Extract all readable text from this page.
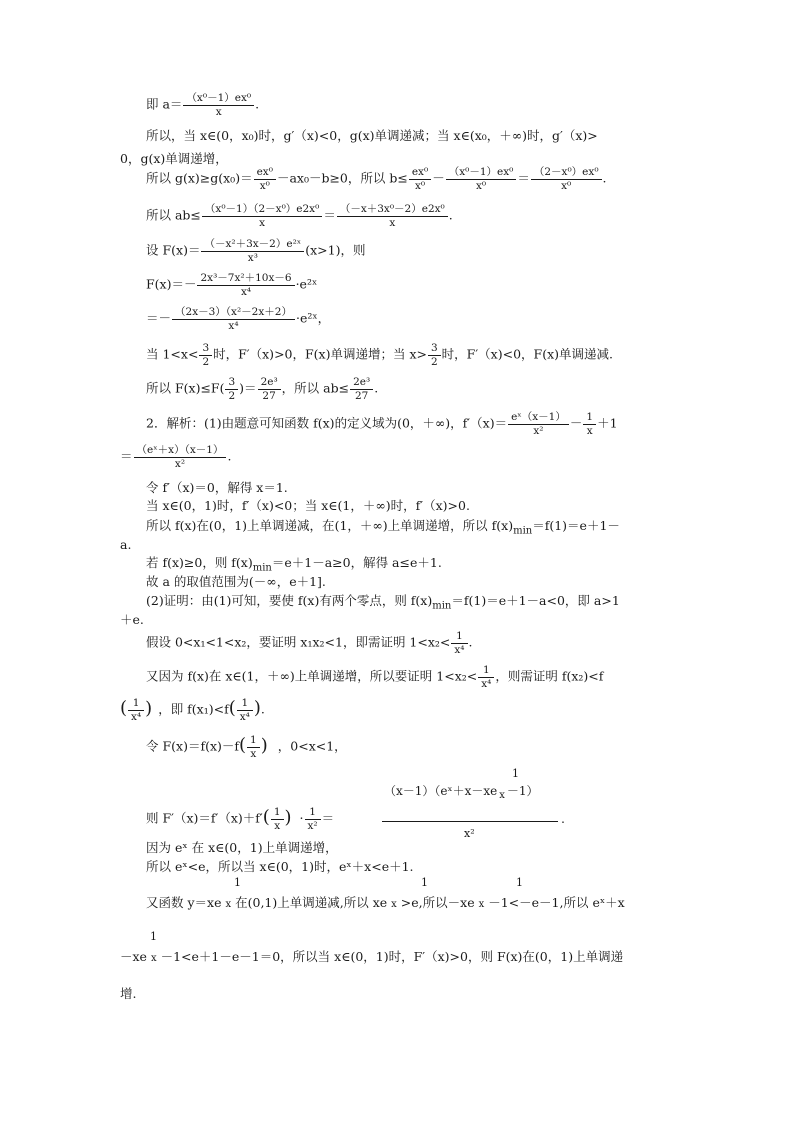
即 $a= \frac{\text{（x⁰－1）ex⁰}}{x}$ .
所以，当 x∈(0，x₀)时，g′（x)<0，g(x)单调递减；当 x∈(x₀，＋∞)时，g′（x)>
0，g(x)单调递增，
所以 $g(x)\ge g(x_0)= \frac{\text{ex⁰}}{\text{x⁰}} -ax_0-b\ge 0$，所以 $b\le \frac{\text{ex⁰}}{\text{x⁰}} - \frac{\text{（x⁰－1）ex⁰}}{\text{x⁰}} = \frac{\text{（2－x⁰）ex⁰}}{\text{x⁰}}$ .
所以 $ab\le \frac{\text{（x⁰－1）（2－x⁰）e2x⁰}}{x} = \frac{\text{（－x＋3x⁰－2）e2x⁰}}{x}$ .
设 $F(x)= \frac{\text{（－x²＋3x－2）e²ˣ}}{\text{x³}} (x>1)$，则
$F(x)=- \frac{\text{2x³－7x²＋10x－6}}{\text{x⁴}}$ ·e²ˣ
＝－ $\frac{\text{（2x－3）（x²－2x＋2）}}{\text{x⁴}}$ ·e²ˣ，
当 $1<x< \frac{3}{2}$ 时，F′（x)>0，F(x)单调递增；当 $x> \frac{3}{2}$ 时，F′（x)<0，F(x)单调递减.
所以 $F(x)\le F( \frac{3}{2}$ )＝ $\frac{\text{2e³}}{27}$ ，所以 $ab\le \frac{\text{2e³}}{27}$ .
2．解析：(1)由题意可知函数 f(x)的定义域为(0，＋∞)，$f'(x)= \frac{\text{eˣ（x－1）}}{\text{x²}} - \frac{1}{x} +1$
＝ $\frac{\text{（eˣ＋x）（x－1）}}{\text{x²}}$ .
令 f′（x)＝0，解得 x＝1.
当 x∈(0，1)时，f′（x)<0；当 x∈(1，＋∞)时，f′（x)>0.
所以 f(x)在(0，1)上单调递减，在(1，＋∞)上单调递增，所以 $f(x)_{min}=f(1)=e+1-$
a.
若 f(x)≥0，则 $f(x)_{min}=e+1-a\ge 0$，解得 a≤e＋1.
故 a 的取值范围为(－∞，e＋1].
(2)证明：由(1)可知，要使 f(x)有两个零点，则 $f(x)_{min}=f(1)=e+1-a<0$，即 a>1
＋e.
假设 0<x₁<1<x₂，要证明 x₁x₂<1，即需证明 $1<x_2< \frac{1}{\text{x⁴}}$ .
又因为 f(x)在 x∈(1，＋∞)上单调递增，所以要证明 $1<x_2< \frac{1}{\text{x⁴}}$ ，则需证明 f(x₂)<f
( $\frac{1}{\text{x⁴}}$ ) ，即 $f(x_1)<f( \frac{1}{\text{x⁴}}$ ).
令 $F(x)=f(x)-f( \frac{1}{x}$ ) ，0<x<1，
1
（x－1）（eˣ＋x－xe $_x$ －1）
则 $F'(x)=f'(x)+f'( \frac{1}{x}$ ) · $\frac{1}{\text{x²}}$ ＝
x²
.
因为 eˣ 在 x∈(0，1)上单调递增，
所以 eˣ<e，所以当 x∈(0，1)时，eˣ＋x<e＋1.
1	1	1
又函数 y＝xe x 在(0,1)上单调递减,所以 xe x >e,所以－xe x －1<－e－1,所以 eˣ＋x
1
－xe x －1<e＋1－e－1＝0，所以当 x∈(0，1)时，F′（x)>0，则 F(x)在(0，1)上单调递
增.
